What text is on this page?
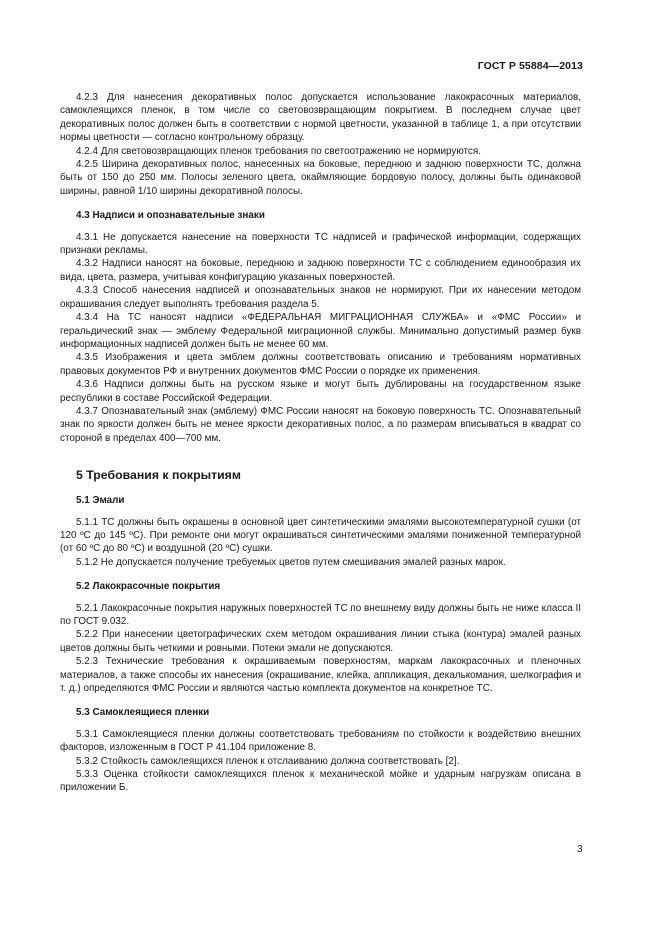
ГОСТ Р 55884—2013

4.2.3 Для нанесения декоративных полос допускается использование лакокрасочных материалов, самоклеящихся пленок, в том числе со световозвращающим покрытием. В последнем случае цвет декоративных полос должен быть в соответствии с нормой цветности, указанной в таблице 1, а при отсутствии нормы цветности — согласно контрольному образцу.

4.2.4 Для световозвращающих пленок требования по светоотражению не нормируются.

4.2.5 Ширина декоративных полос, нанесенных на боковые, переднюю и заднюю поверхности ТС, должна быть от 150 до 250 мм. Полосы зеленого цвета, окаймляющие бордовую полосу, должны быть одинаковой ширины, равной 1/10 ширины декоративной полосы.

4.3 Надписи и опознавательные знаки

4.3.1 Не допускается нанесение на поверхности ТС надписей и графической информации, содержащих признаки рекламы.

4.3.2 Надписи наносят на боковые, переднюю и заднюю поверхности ТС с соблюдением единообразия их вида, цвета, размера, учитывая конфигурацию указанных поверхностей.

4.3.3 Способ нанесения надписей и опознавательных знаков не нормируют. При их нанесении методом окрашивания следует выполнять требования раздела 5.

4.3.4 На ТС наносят надписи «ФЕДЕРАЛЬНАЯ МИГРАЦИОННАЯ СЛУЖБА» и «ФМС России» и геральдический знак — эмблему Федеральной миграционной службы. Минимально допустимый размер букв информационных надписей должен быть не менее 60 мм.

4.3.5 Изображения и цвета эмблем должны соответствовать описанию и требованиям нормативных правовых документов РФ и внутренних документов ФМС России о порядке их применения.

4.3.6 Надписи должны быть на русском языке и могут быть дублированы на государственном языке республики в составе Российской Федерации.

4.3.7 Опознавательный знак (эмблему) ФМС России наносят на боковую поверхность ТС. Опознавательный знак по яркости должен быть не менее яркости декоративных полос, а по размерам вписываться в квадрат со стороной в пределах 400—700 мм.

5 Требования к покрытиям
5.1 Эмали

5.1.1 ТС должны быть окрашены в основной цвет синтетическими эмалями высокотемпературной сушки (от 120 ºС до 145 ºС). При ремонте они могут окрашиваться синтетическими эмалями пониженной температурной (от 60 ºС до 80 ºС) и воздушной (20 ºС) сушки.

5.1.2 Не допускается получение требуемых цветов путем смешивания эмалей разных марок.

5.2 Лакокрасочные покрытия

5.2.1 Лакокрасочные покрытия наружных поверхностей ТС по внешнему виду должны быть не ниже класса II по ГОСТ 9.032.

5.2.2 При нанесении цветографических схем методом окрашивания линии стыка (контура) эмалей разных цветов должны быть четкими и ровными. Потеки эмали не допускаются.

5.2.3 Технические требования к окрашиваемым поверхностям, маркам лакокрасочных и пленочных материалов, а также способы их нанесения (окрашивание, клейка, аппликация, декалькомания, шелкография и т. д.) определяются ФМС России и являются частью комплекта документов на конкретное ТС.

5.3 Самоклеящиеся пленки

5.3.1 Самоклеящиеся пленки должны соответствовать требованиям по стойкости к воздействию внешних факторов, изложенным в ГОСТ Р 41.104 приложение 8.

5.3.2 Стойкость самоклеящихся пленок к отслаиванию должна соответствовать [2].

5.3.3 Оценка стойкости самоклеящихся пленок к механической мойке и ударным нагрузкам описана в приложении Б.

3
